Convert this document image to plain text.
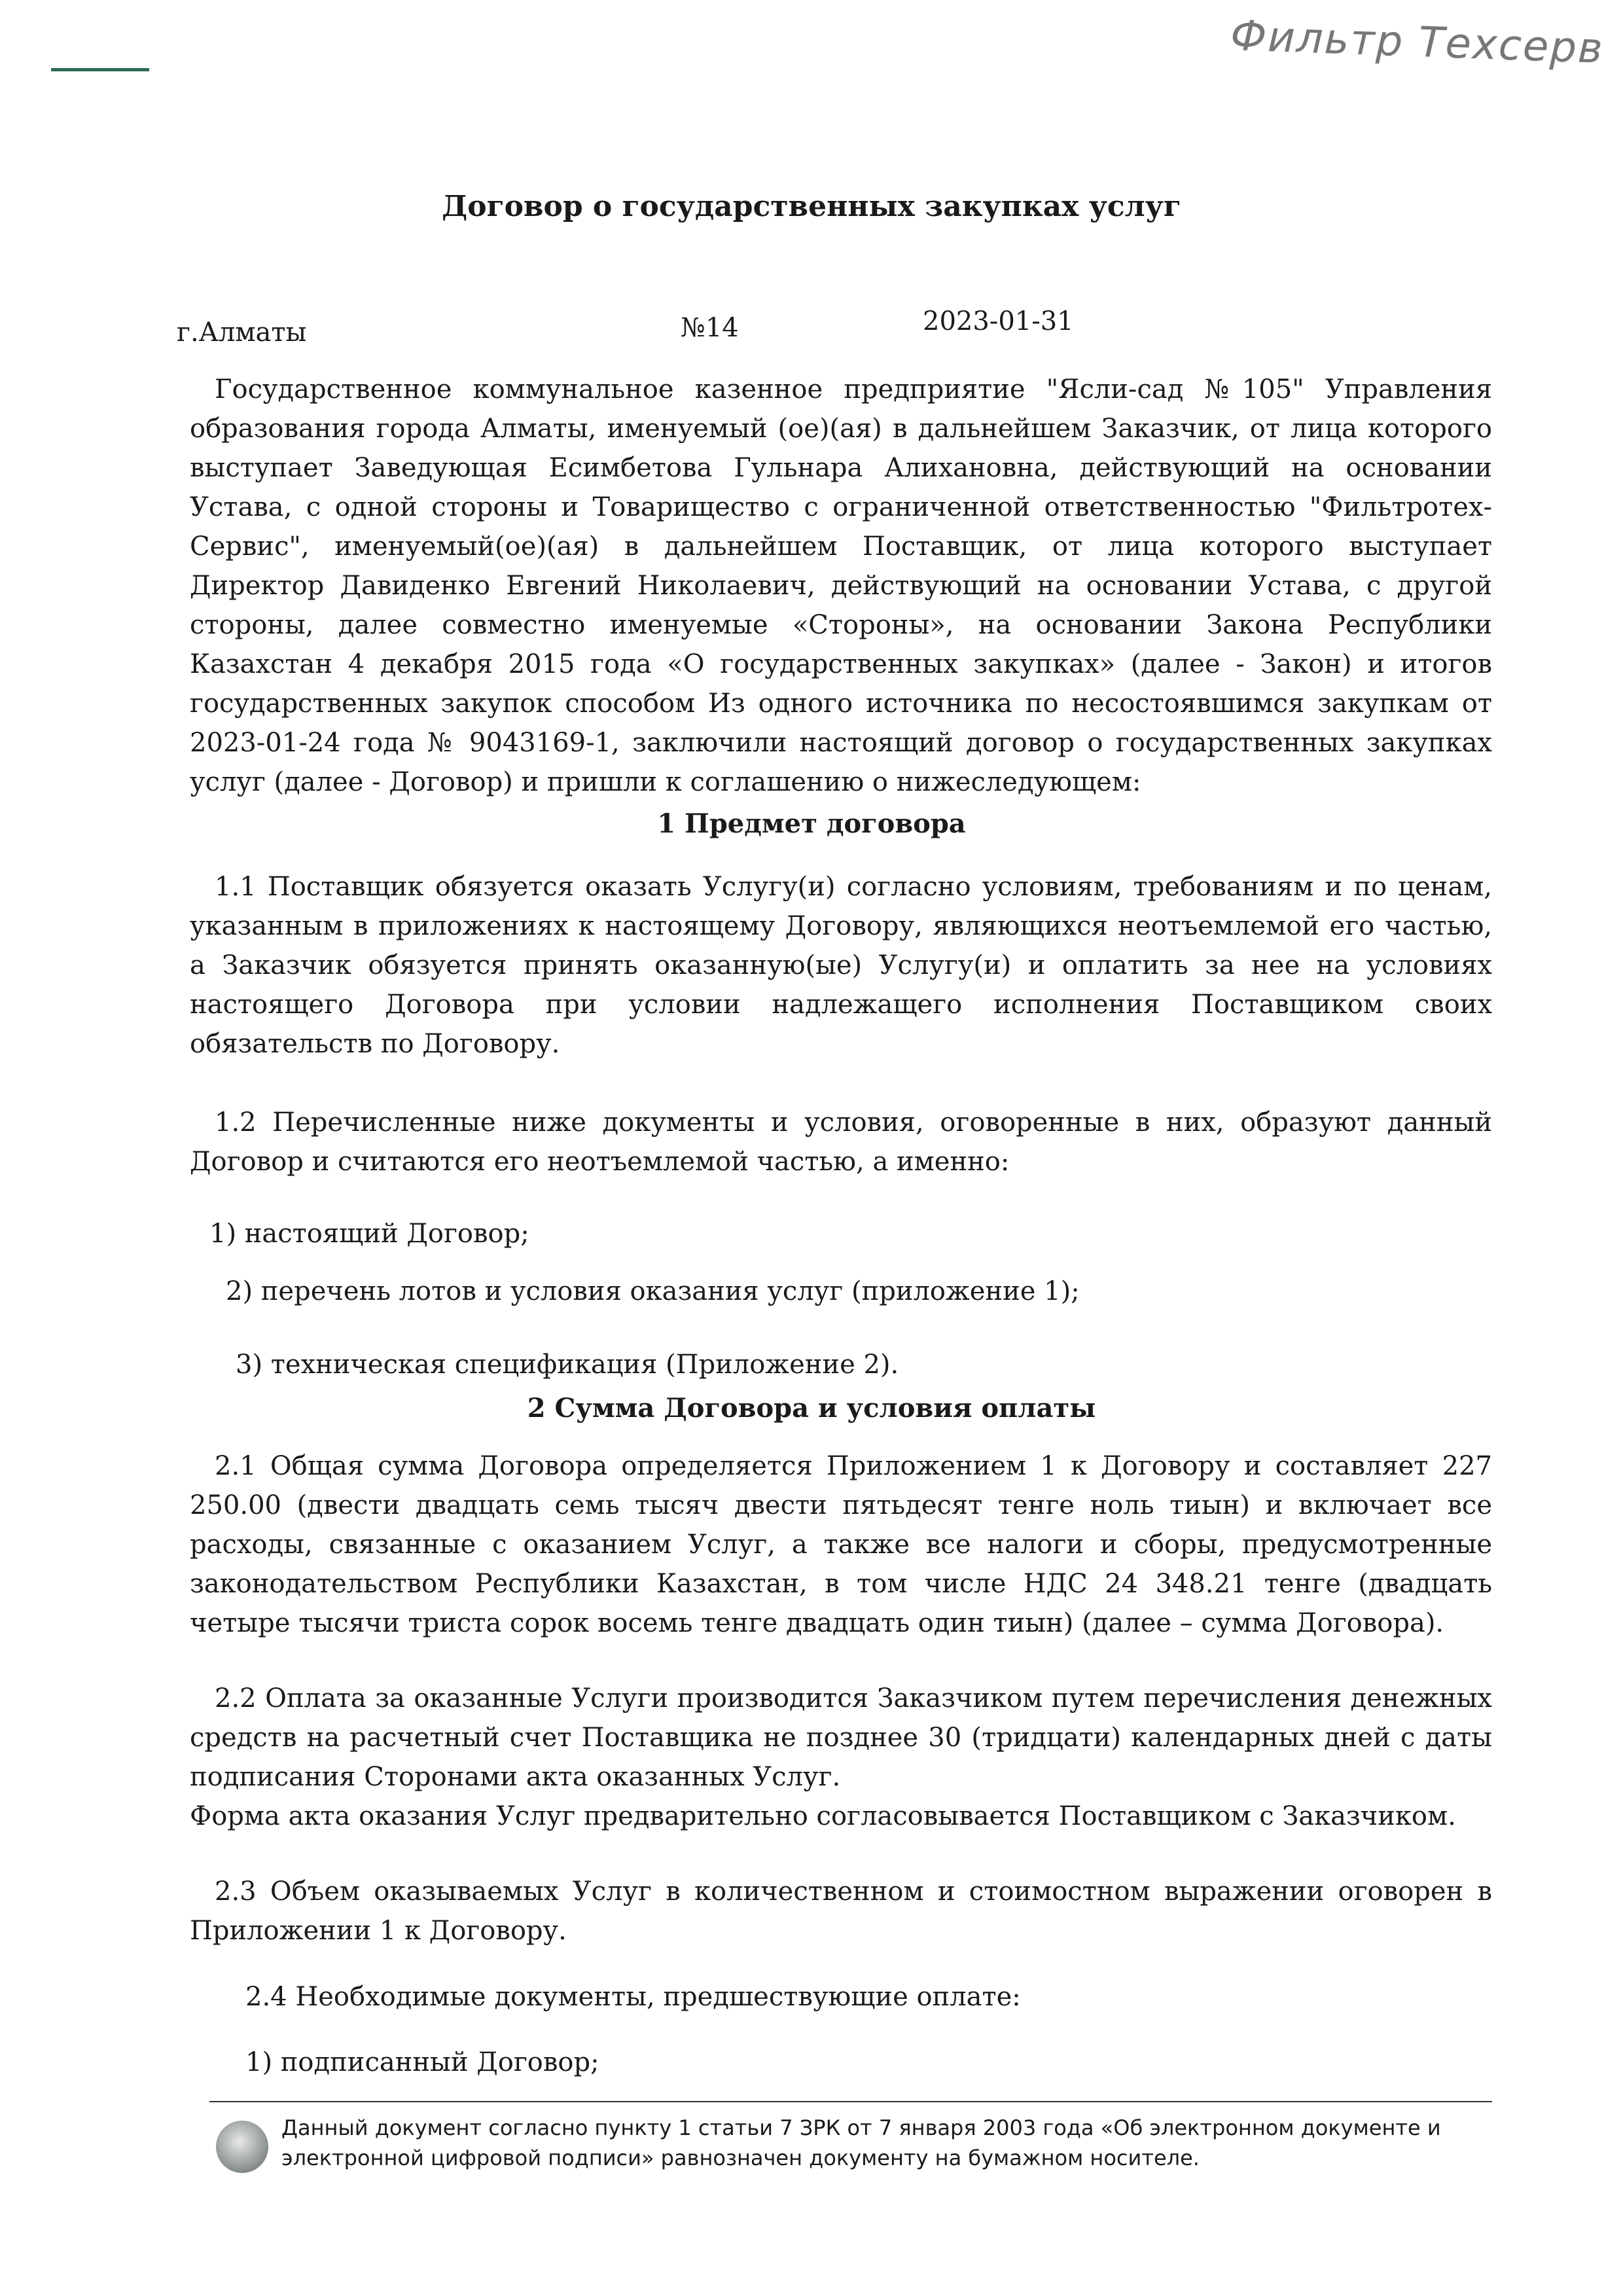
Фильтр Техсерв
Договор о государственных закупках услуг
г.Алматы	№14	2023-01-31

Государственное коммунальное казенное предприятие "Ясли-сад №105" Управления образования города Алматы, именуемый (ое)(ая) в дальнейшем Заказчик, от лица которого выступает Заведующая Есимбетова Гульнара Алихановна, действующий на основании Устава, с одной стороны и Товарищество с ограниченной ответственностью "Фильтротех-Сервис", именуемый(ое)(ая) в дальнейшем Поставщик, от лица которого выступает Директор Давиденко Евгений Николаевич, действующий на основании Устава, с другой стороны, далее совместно именуемые «Стороны», на основании Закона Республики Казахстан 4 декабря 2015 года «О государственных закупках» (далее - Закон) и итогов государственных закупок способом Из одного источника по несостоявшимся закупкам от 2023-01-24 года № 9043169-1, заключили настоящий договор о государственных закупках услуг (далее - Договор) и пришли к соглашению о нижеследующем:

1 Предмет договора

1.1 Поставщик обязуется оказать Услугу(и) согласно условиям, требованиям и по ценам, указанным в приложениях к настоящему Договору, являющихся неотъемлемой его частью, а Заказчик обязуется принять оказанную(ые) Услугу(и) и оплатить за нее на условиях настоящего Договора при условии надлежащего исполнения Поставщиком своих обязательств по Договору.

1.2 Перечисленные ниже документы и условия, оговоренные в них, образуют данный Договор и считаются его неотъемлемой частью, а именно:

1) настоящий Договор;
2) перечень лотов и условия оказания услуг (приложение 1);
3) техническая спецификация (Приложение 2).
2 Сумма Договора и условия оплаты

2.1 Общая сумма Договора определяется Приложением 1 к Договору и составляет 227 250.00 (двести двадцать семь тысяч двести пятьдесят тенге ноль тиын) и включает все расходы, связанные с оказанием Услуг, а также все налоги и сборы, предусмотренные законодательством Республики Казахстан, в том числе НДС 24 348.21 тенге (двадцать четыре тысячи триста сорок восемь тенге двадцать один тиын) (далее – сумма Договора).

2.2 Оплата за оказанные Услуги производится Заказчиком путем перечисления денежных средств на расчетный счет Поставщика не позднее 30 (тридцати) календарных дней с даты подписания Сторонами акта оказанных Услуг.

Форма акта оказания Услуг предварительно согласовывается Поставщиком с Заказчиком.

2.3 Объем оказываемых Услуг в количественном и стоимостном выражении оговорен в Приложении 1 к Договору.

2.4 Необходимые документы, предшествующие оплате:
1) подписанный Договор;
Данный документ согласно пункту 1 статьи 7 ЗРК от 7 января 2003 года «Об электронном документе и электронной цифровой подписи» равнозначен документу на бумажном носителе.
